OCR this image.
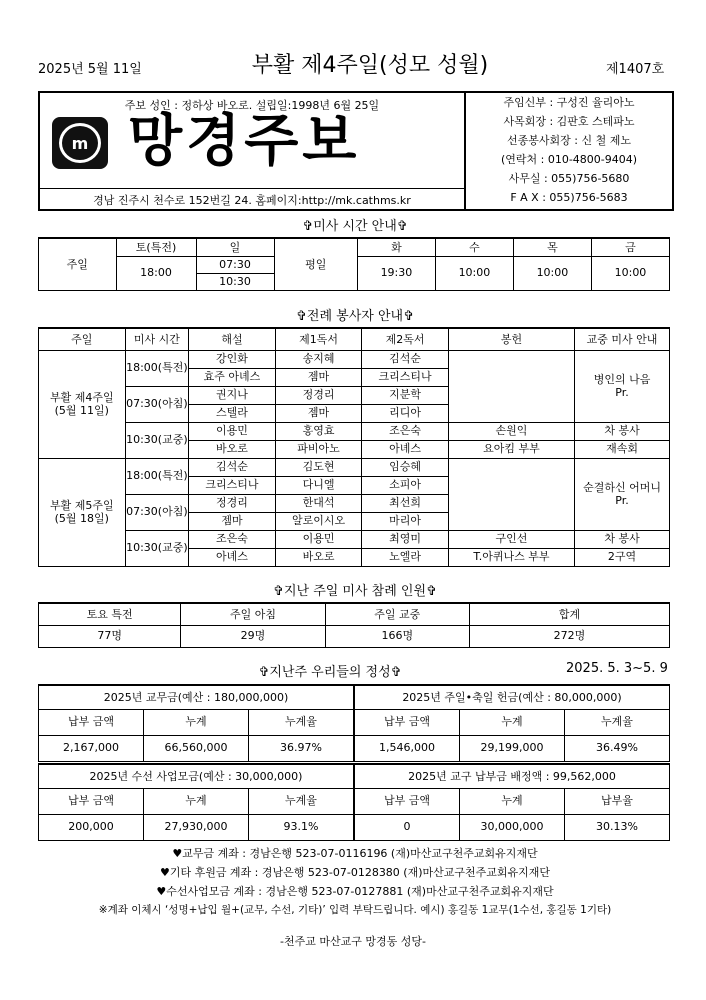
2025년 5월 11일	부활 제4주일(성모 성월)	제1407호
주보 성인 : 정하상 바오로. 설립일:1998년 6월 25일
m 망경주보
경남 진주시 천수로 152번길 24. 홈페이지:http://mk.cathms.kr
주임신부 : 구성진 율리아노
사목회장 : 김판호 스테파노
선종봉사회장 : 신 철 제노
(연락처 : 010-4800-9404)
사무실 : 055)756-5680
F A X : 055)756-5683
✞미사 시간 안내✞
주일	토(특전)	일	평일	화	수	목	금
	18:00	07:30		19:30	10:00	10:00	10:00
		10:30					
✞전례 봉사자 안내✞
주일	미사 시간	해설	제1독서	제2독서	봉헌	교중 미사 안내
부활 제4주일
(5월 11일)	18:00(특전)	강인화	송지혜	김석순		병인의 나음
Pr.
		효주 아녜스	젬마	크리스티나		
	07:30(아침)	권지나	정경리	지분학		
		스텔라	젬마	리디아		
	10:30(교중)	이용민	홍영효	조은숙	손원익	차 봉사
		바오로	파비아노	아녜스	요아킴 부부	재속회
부활 제5주일
(5월 18일)	18:00(특전)	김석순	김도현	임승혜		순결하신 어머니
Pr.
		크리스티나	다니엘	소피아		
	07:30(아침)	정경리	한대석	최선희		
		젬마	알로이시오	마리아		
	10:30(교중)	조은숙	이용민	최영미	구인선	차 봉사
		아녜스	바오로	노엘라	T.아퀴나스 부부	2구역
✞지난 주일 미사 참례 인원✞
토요 특전	주일 아침	주일 교중	합계
77명	29명	166명	272명
✞지난주 우리들의 정성✞	2025. 5. 3~5. 9
2025년 교무금(예산 : 180,000,000)			2025년 주일•축일 헌금(예산 : 80,000,000)		
납부 금액	누계	누계율	납부 금액	누계	누계율
2,167,000	66,560,000	36.97%	1,546,000	29,199,000	36.49%
2025년 수선 사업모금(예산 : 30,000,000)			2025년 교구 납부금 배정액 : 99,562,000		
납부 금액	누계	누계율	납부 금액	누계	납부율
200,000	27,930,000	93.1%	0	30,000,000	30.13%
♥교무금 계좌 : 경남은행 523-07-0116196 (재)마산교구천주교회유지재단
♥기타 후원금 계좌 : 경남은행 523-07-0128380 (재)마산교구천주교회유지재단
♥수선사업모금 계좌 : 경남은행 523-07-0127881 (재)마산교구천주교회유지재단
※계좌 이체시 ‘성명+납입 월+(교무, 수선, 기타)’ 입력 부탁드립니다. 예시) 홍길동 1교무(1수선, 홍길동 1기타)
-천주교 마산교구 망경동 성당-
